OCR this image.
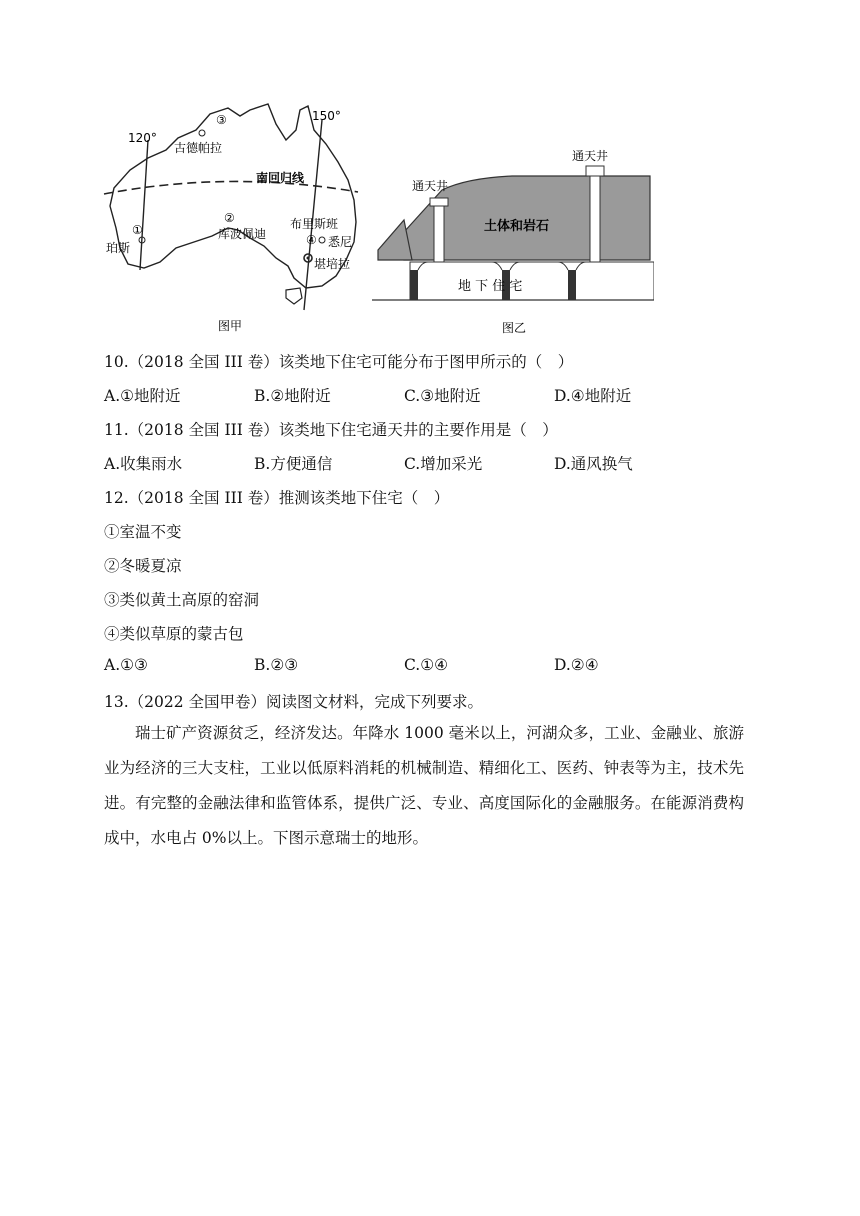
120°
150°
南回归线
③
古德帕拉
①
珀斯
②
库波佩迪
布里斯班
④ 悉尼
堪培拉
图甲
通天井
通天井
土体和岩石
地 下 住 宅
图乙
10.（2018 全国 III 卷）该类地下住宅可能分布于图甲所示的（　）
A.①地附近	B.②地附近	C.③地附近	D.④地附近
11.（2018 全国 III 卷）该类地下住宅通天井的主要作用是（　）
A.收集雨水	B.方便通信	C.增加采光	D.通风换气
12.（2018 全国 III 卷）推测该类地下住宅（　）
①室温不变
②冬暖夏凉
③类似黄土高原的窑洞
④类似草原的蒙古包
A.①③	B.②③	C.①④	D.②④
13.（2022 全国甲卷）阅读图文材料，完成下列要求。
瑞士矿产资源贫乏，经济发达。年降水 1000 毫米以上，河湖众多，工业、金融业、旅游业为经济的三大支柱，工业以低原料消耗的机械制造、精细化工、医药、钟表等为主，技术先进。有完整的金融法律和监管体系，提供广泛、专业、高度国际化的金融服务。在能源消费构成中，水电占 0%以上。下图示意瑞士的地形。
